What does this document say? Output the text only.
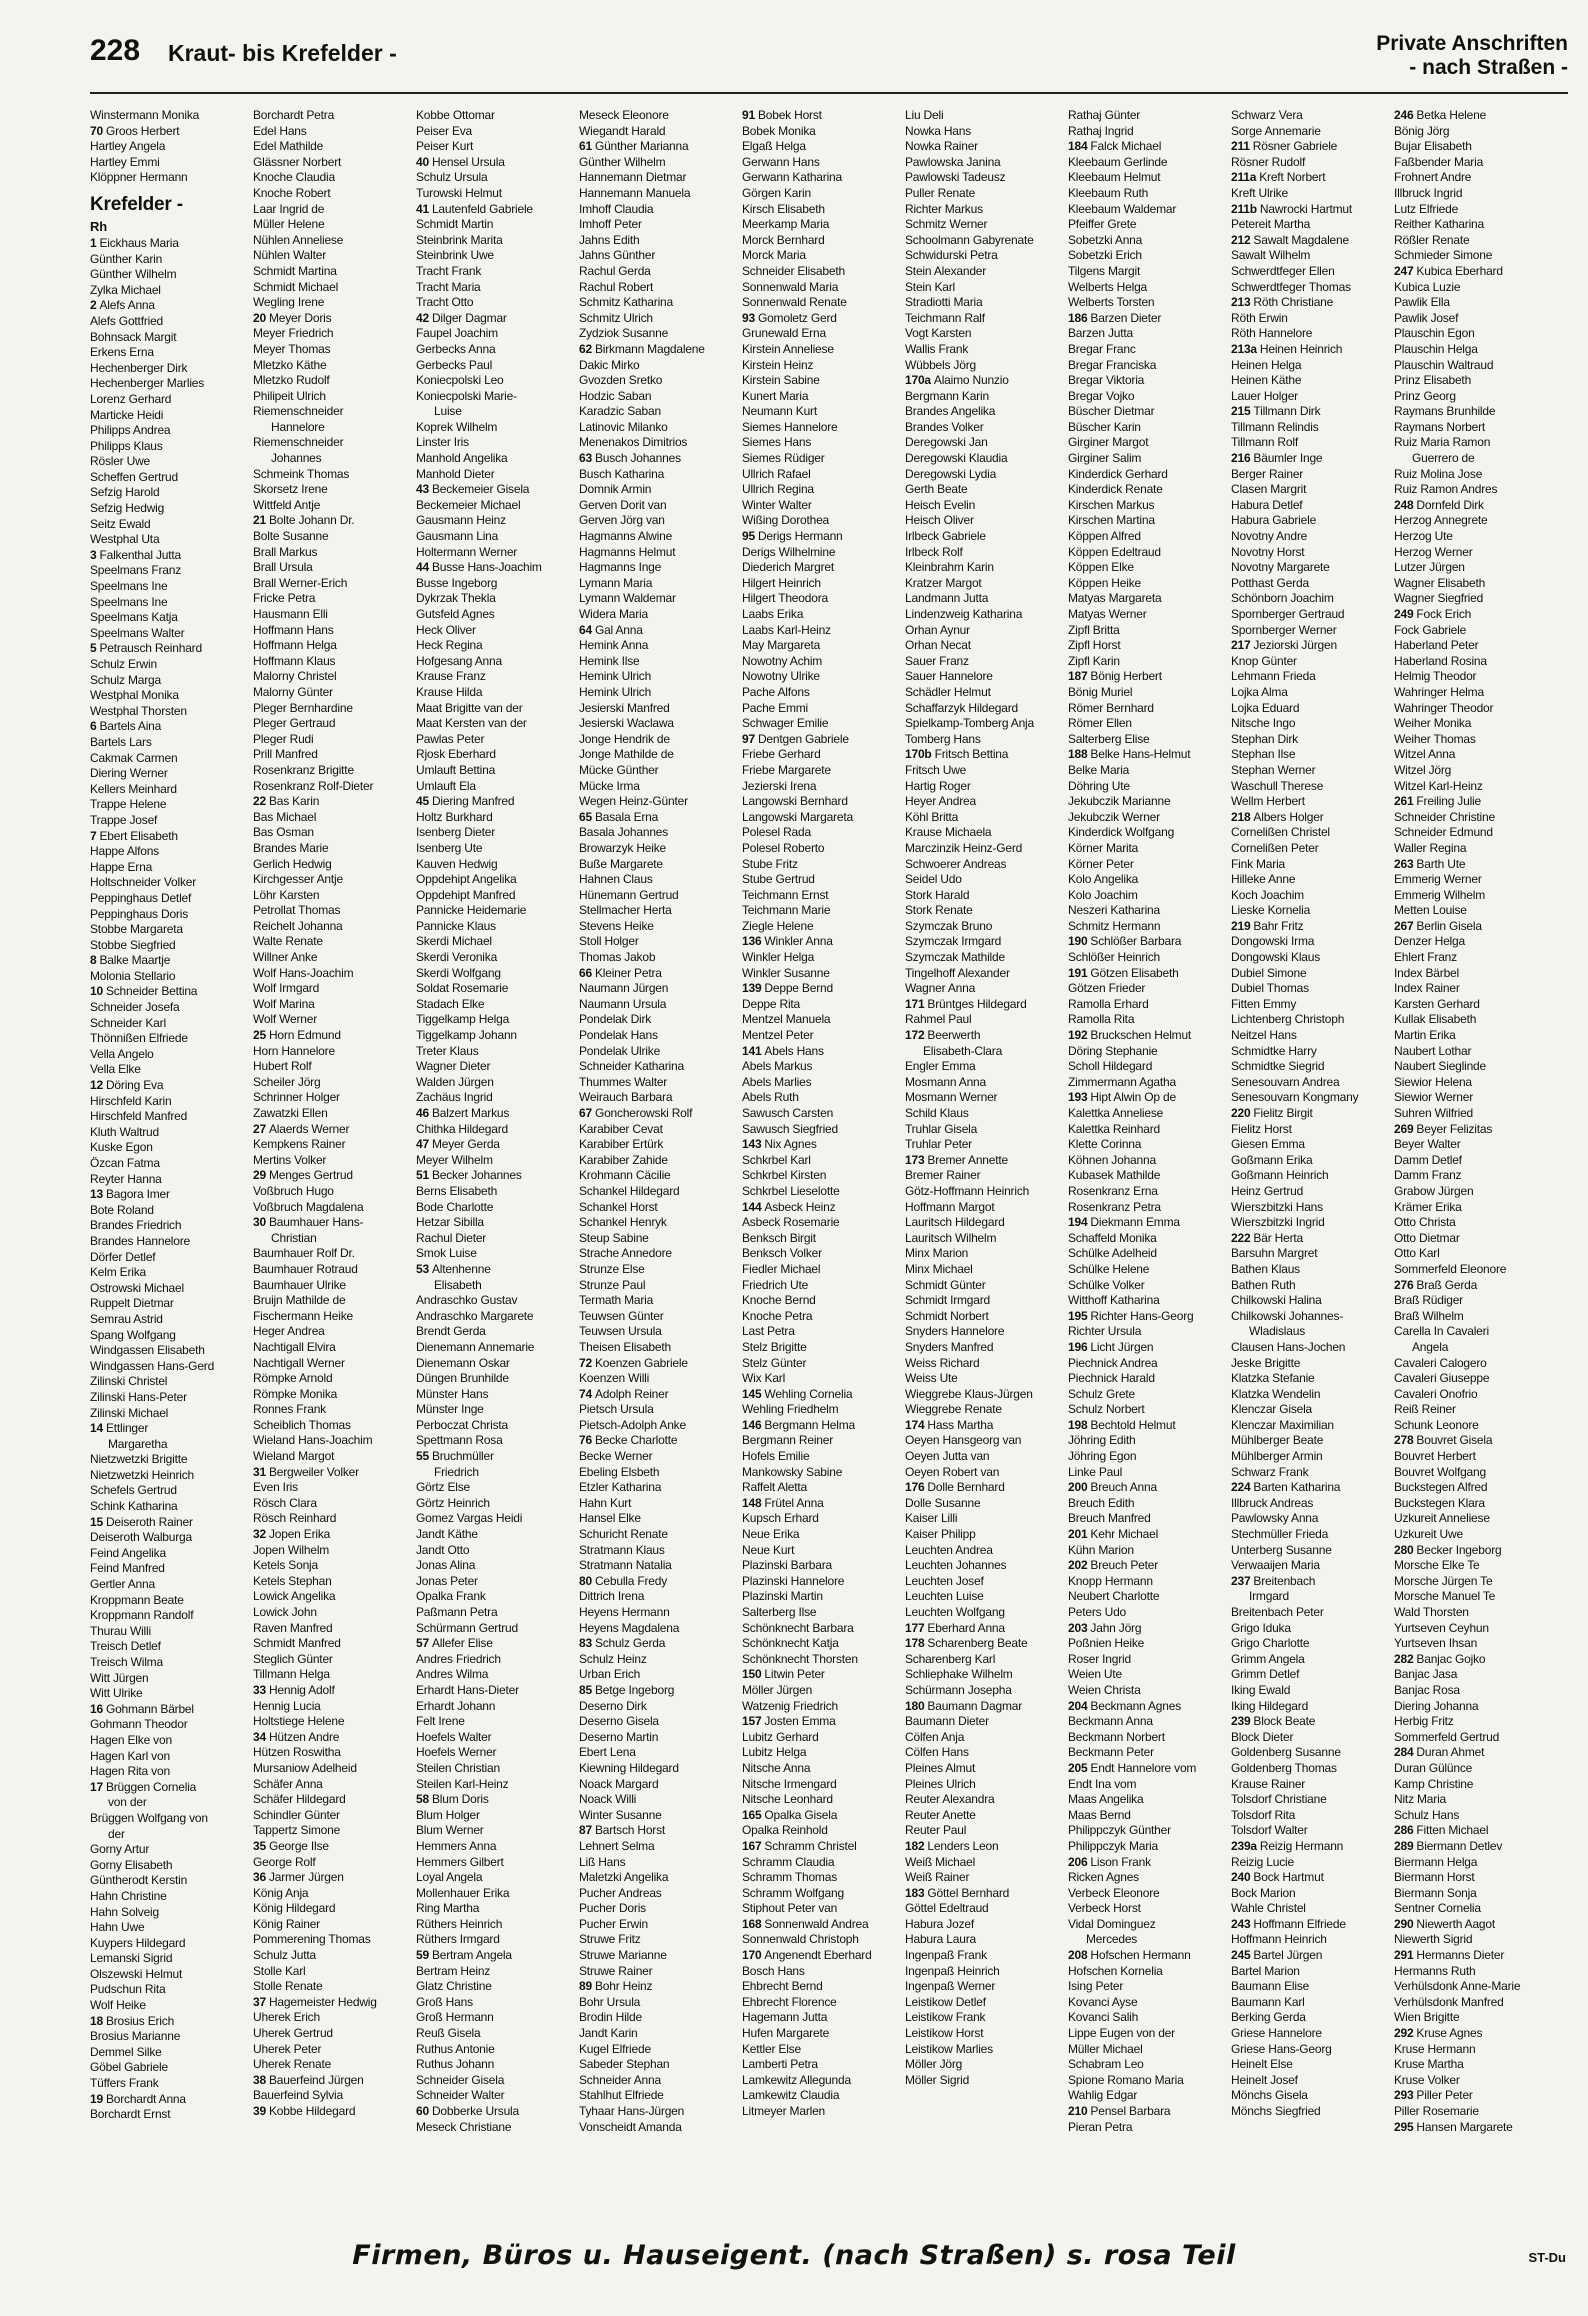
228 Kraut- bis Krefelder -	Private Anschriften
- nach Straßen -
Winstermann Monika
70 Groos Herbert
Hartley Angela
Hartley Emmi
Klöppner Hermann
Krefelder -
Rh
1 Eickhaus Maria
Günther Karin
Günther Wilhelm
Zylka Michael
2 Alefs Anna
Alefs Gottfried
Bohnsack Margit
Erkens Erna
Hechenberger Dirk
Hechenberger Marlies
Lorenz Gerhard
Marticke Heidi
Philipps Andrea
Philipps Klaus
Rösler Uwe
Scheffen Gertrud
Sefzig Harold
Sefzig Hedwig
Seitz Ewald
Westphal Uta
3 Falkenthal Jutta
Speelmans Franz
Speelmans Ine
Speelmans Ine
Speelmans Katja
Speelmans Walter
5 Petrausch Reinhard
Schulz Erwin
Schulz Marga
Westphal Monika
Westphal Thorsten
6 Bartels Aina
Bartels Lars
Cakmak Carmen
Diering Werner
Kellers Meinhard
Trappe Helene
Trappe Josef
7 Ebert Elisabeth
Happe Alfons
Happe Erna
Holtschneider Volker
Peppinghaus Detlef
Peppinghaus Doris
Stobbe Margareta
Stobbe Siegfried
8 Balke Maartje
Molonia Stellario
10 Schneider Bettina
Schneider Josefa
Schneider Karl
Thönnißen Elfriede
Vella Angelo
Vella Elke
12 Döring Eva
Hirschfeld Karin
Hirschfeld Manfred
Kluth Waltrud
Kuske Egon
Özcan Fatma
Reyter Hanna
13 Bagora Imer
Bote Roland
Brandes Friedrich
Brandes Hannelore
Dörfer Detlef
Kelm Erika
Ostrowski Michael
Ruppelt Dietmar
Semrau Astrid
Spang Wolfgang
Windgassen Elisabeth
Windgassen Hans-Gerd
Zilinski Christel
Zilinski Hans-Peter
Zilinski Michael
14 Ettlinger
Margaretha
Nietzwetzki Brigitte
Nietzwetzki Heinrich
Schefels Gertrud
Schink Katharina
15 Deiseroth Rainer
Deiseroth Walburga
Feind Angelika
Feind Manfred
Gertler Anna
Kroppmann Beate
Kroppmann Randolf
Thurau Willi
Treisch Detlef
Treisch Wilma
Witt Jürgen
Witt Ulrike
16 Gohmann Bärbel
Gohmann Theodor
Hagen Elke von
Hagen Karl von
Hagen Rita von
17 Brüggen Cornelia
von der
Brüggen Wolfgang von
der
Gorny Artur
Gorny Elisabeth
Güntherodt Kerstin
Hahn Christine
Hahn Solveig
Hahn Uwe
Kuypers Hildegard
Lemanski Sigrid
Olszewski Helmut
Pudschun Rita
Wolf Heike
18 Brosius Erich
Brosius Marianne
Demmel Silke
Göbel Gabriele
Tüffers Frank
19 Borchardt Anna
Borchardt Ernst
Borchardt Petra
Edel Hans
Edel Mathilde
Glässner Norbert
Knoche Claudia
Knoche Robert
Laar Ingrid de
Müller Helene
Nühlen Anneliese
Nühlen Walter
Schmidt Martina
Schmidt Michael
Wegling Irene
20 Meyer Doris
Meyer Friedrich
Meyer Thomas
Mletzko Käthe
Mletzko Rudolf
Philipeit Ulrich
Riemenschneider
Hannelore
Riemenschneider
Johannes
Schmeink Thomas
Skorsetz Irene
Wittfeld Antje
21 Bolte Johann Dr.
Bolte Susanne
Brall Markus
Brall Ursula
Brall Werner-Erich
Fricke Petra
Hausmann Elli
Hoffmann Hans
Hoffmann Helga
Hoffmann Klaus
Malorny Christel
Malorny Günter
Pleger Bernhardine
Pleger Gertraud
Pleger Rudi
Prill Manfred
Rosenkranz Brigitte
Rosenkranz Rolf-Dieter
22 Bas Karin
Bas Michael
Bas Osman
Brandes Marie
Gerlich Hedwig
Kirchgesser Antje
Löhr Karsten
Petrollat Thomas
Reichelt Johanna
Walte Renate
Willner Anke
Wolf Hans-Joachim
Wolf Irmgard
Wolf Marina
Wolf Werner
25 Horn Edmund
Horn Hannelore
Hubert Rolf
Scheiler Jörg
Schrinner Holger
Zawatzki Ellen
27 Alaerds Werner
Kempkens Rainer
Mertins Volker
29 Menges Gertrud
Voßbruch Hugo
Voßbruch Magdalena
30 Baumhauer Hans-
Christian
Baumhauer Rolf Dr.
Baumhauer Rotraud
Baumhauer Ulrike
Bruijn Mathilde de
Fischermann Heike
Heger Andrea
Nachtigall Elvira
Nachtigall Werner
Römpke Arnold
Römpke Monika
Ronnes Frank
Scheiblich Thomas
Wieland Hans-Joachim
Wieland Margot
31 Bergweiler Volker
Even Iris
Rösch Clara
Rösch Reinhard
32 Jopen Erika
Jopen Wilhelm
Ketels Sonja
Ketels Stephan
Lowick Angelika
Lowick John
Raven Manfred
Schmidt Manfred
Steglich Günter
Tillmann Helga
33 Hennig Adolf
Hennig Lucia
Holtstiege Helene
34 Hützen Andre
Hützen Roswitha
Mursaniow Adelheid
Schäfer Anna
Schäfer Hildegard
Schindler Günter
Tappertz Simone
35 George Ilse
George Rolf
36 Jarmer Jürgen
König Anja
König Hildegard
König Rainer
Pommerening Thomas
Schulz Jutta
Stolle Karl
Stolle Renate
37 Hagemeister Hedwig
Uherek Erich
Uherek Gertrud
Uherek Peter
Uherek Renate
38 Bauerfeind Jürgen
Bauerfeind Sylvia
39 Kobbe Hildegard
Kobbe Ottomar
Peiser Eva
Peiser Kurt
40 Hensel Ursula
Schulz Ursula
Turowski Helmut
41 Lautenfeld Gabriele
Schmidt Martin
Steinbrink Marita
Steinbrink Uwe
Tracht Frank
Tracht Maria
Tracht Otto
42 Dilger Dagmar
Faupel Joachim
Gerbecks Anna
Gerbecks Paul
Koniecpolski Leo
Koniecpolski Marie-
Luise
Koprek Wilhelm
Linster Iris
Manhold Angelika
Manhold Dieter
43 Beckemeier Gisela
Beckemeier Michael
Gausmann Heinz
Gausmann Lina
Holtermann Werner
44 Busse Hans-Joachim
Busse Ingeborg
Dykrzak Thekla
Gutsfeld Agnes
Heck Oliver
Heck Regina
Hofgesang Anna
Krause Franz
Krause Hilda
Maat Brigitte van der
Maat Kersten van der
Pawlas Peter
Rjosk Eberhard
Umlauft Bettina
Umlauft Ela
45 Diering Manfred
Holtz Burkhard
Isenberg Dieter
Isenberg Ute
Kauven Hedwig
Oppdehipt Angelika
Oppdehipt Manfred
Pannicke Heidemarie
Pannicke Klaus
Skerdi Michael
Skerdi Veronika
Skerdi Wolfgang
Soldat Rosemarie
Stadach Elke
Tiggelkamp Helga
Tiggelkamp Johann
Treter Klaus
Wagner Dieter
Walden Jürgen
Zachäus Ingrid
46 Balzert Markus
Chithka Hildegard
47 Meyer Gerda
Meyer Wilhelm
51 Becker Johannes
Berns Elisabeth
Bode Charlotte
Hetzar Sibilla
Rachul Dieter
Smok Luise
53 Altenhenne
Elisabeth
Andraschko Gustav
Andraschko Margarete
Brendt Gerda
Dienemann Annemarie
Dienemann Oskar
Düngen Brunhilde
Münster Hans
Münster Inge
Perboczat Christa
Spettmann Rosa
55 Bruchmüller
Friedrich
Görtz Else
Görtz Heinrich
Gomez Vargas Heidi
Jandt Käthe
Jandt Otto
Jonas Alina
Jonas Peter
Opalka Frank
Paßmann Petra
Schürmann Gertrud
57 Allefer Elise
Andres Friedrich
Andres Wilma
Erhardt Hans-Dieter
Erhardt Johann
Felt Irene
Hoefels Walter
Hoefels Werner
Steilen Christian
Steilen Karl-Heinz
58 Blum Doris
Blum Holger
Blum Werner
Hemmers Anna
Hemmers Gilbert
Loyal Angela
Mollenhauer Erika
Ring Martha
Rüthers Heinrich
Rüthers Irmgard
59 Bertram Angela
Bertram Heinz
Glatz Christine
Groß Hans
Groß Hermann
Reuß Gisela
Ruthus Antonie
Ruthus Johann
Schneider Gisela
Schneider Walter
60 Dobberke Ursula
Meseck Christiane
Meseck Eleonore
Wiegandt Harald
61 Günther Marianna
Günther Wilhelm
Hannemann Dietmar
Hannemann Manuela
Imhoff Claudia
Imhoff Peter
Jahns Edith
Jahns Günther
Rachul Gerda
Rachul Robert
Schmitz Katharina
Schmitz Ulrich
Zydziok Susanne
62 Birkmann Magdalene
Dakic Mirko
Gvozden Sretko
Hodzic Saban
Karadzic Saban
Latinovic Milanko
Menenakos Dimitrios
63 Busch Johannes
Busch Katharina
Domnik Armin
Gerven Dorit van
Gerven Jörg van
Hagmanns Alwine
Hagmanns Helmut
Hagmanns Inge
Lymann Maria
Lymann Waldemar
Widera Maria
64 Gal Anna
Hemink Anna
Hemink Ilse
Hemink Ulrich
Hemink Ulrich
Jesierski Manfred
Jesierski Waclawa
Jonge Hendrik de
Jonge Mathilde de
Mücke Günther
Mücke Irma
Wegen Heinz-Günter
65 Basala Erna
Basala Johannes
Browarzyk Heike
Buße Margarete
Hahnen Claus
Hünemann Gertrud
Stellmacher Herta
Stevens Heike
Stoll Holger
Thomas Jakob
66 Kleiner Petra
Naumann Jürgen
Naumann Ursula
Pondelak Dirk
Pondelak Hans
Pondelak Ulrike
Schneider Katharina
Thummes Walter
Weirauch Barbara
67 Goncherowski Rolf
Karabiber Cevat
Karabiber Ertürk
Karabiber Zahide
Krohmann Cäcilie
Schankel Hildegard
Schankel Horst
Schankel Henryk
Steup Sabine
Strache Annedore
Strunze Else
Strunze Paul
Termath Maria
Teuwsen Günter
Teuwsen Ursula
Theisen Elisabeth
72 Koenzen Gabriele
Koenzen Willi
74 Adolph Reiner
Pietsch Ursula
Pietsch-Adolph Anke
76 Becke Charlotte
Becke Werner
Ebeling Elsbeth
Etzler Katharina
Hahn Kurt
Hansel Elke
Schuricht Renate
Stratmann Klaus
Stratmann Natalia
80 Cebulla Fredy
Dittrich Irena
Heyens Hermann
Heyens Magdalena
83 Schulz Gerda
Schulz Heinz
Urban Erich
85 Betge Ingeborg
Deserno Dirk
Deserno Gisela
Deserno Martin
Ebert Lena
Kiewning Hildegard
Noack Margard
Noack Willi
Winter Susanne
87 Bartsch Horst
Lehnert Selma
Liß Hans
Maletzki Angelika
Pucher Andreas
Pucher Doris
Pucher Erwin
Struwe Fritz
Struwe Marianne
Struwe Rainer
89 Bohr Heinz
Bohr Ursula
Brodin Hilde
Jandt Karin
Kugel Elfriede
Sabeder Stephan
Schneider Anna
Stahlhut Elfriede
Tyhaar Hans-Jürgen
Vonscheidt Amanda
91 Bobek Horst
Bobek Monika
Elgaß Helga
Gerwann Hans
Gerwann Katharina
Görgen Karin
Kirsch Elisabeth
Meerkamp Maria
Morck Bernhard
Morck Maria
Schneider Elisabeth
Sonnenwald Maria
Sonnenwald Renate
93 Gomoletz Gerd
Grunewald Erna
Kirstein Anneliese
Kirstein Heinz
Kirstein Sabine
Kunert Maria
Neumann Kurt
Siemes Hannelore
Siemes Hans
Siemes Rüdiger
Ullrich Rafael
Ullrich Regina
Winter Walter
Wißing Dorothea
95 Derigs Hermann
Derigs Wilhelmine
Diederich Margret
Hilgert Heinrich
Hilgert Theodora
Laabs Erika
Laabs Karl-Heinz
May Margareta
Nowotny Achim
Nowotny Ulrike
Pache Alfons
Pache Emmi
Schwager Emilie
97 Dentgen Gabriele
Friebe Gerhard
Friebe Margarete
Jezierski Irena
Langowski Bernhard
Langowski Margareta
Polesel Rada
Polesel Roberto
Stube Fritz
Stube Gertrud
Teichmann Ernst
Teichmann Marie
Ziegle Helene
136 Winkler Anna
Winkler Helga
Winkler Susanne
139 Deppe Bernd
Deppe Rita
Mentzel Manuela
Mentzel Peter
141 Abels Hans
Abels Markus
Abels Marlies
Abels Ruth
Sawusch Carsten
Sawusch Siegfried
143 Nix Agnes
Schkrbel Karl
Schkrbel Kirsten
Schkrbel Lieselotte
144 Asbeck Heinz
Asbeck Rosemarie
Benksch Birgit
Benksch Volker
Fiedler Michael
Friedrich Ute
Knoche Bernd
Knoche Petra
Last Petra
Stelz Brigitte
Stelz Günter
Wix Karl
145 Wehling Cornelia
Wehling Friedhelm
146 Bergmann Helma
Bergmann Reiner
Hofels Emilie
Mankowsky Sabine
Raffelt Aletta
148 Frütel Anna
Kupsch Erhard
Neue Erika
Neue Kurt
Plazinski Barbara
Plazinski Hannelore
Plazinski Martin
Salterberg Ilse
Schönknecht Barbara
Schönknecht Katja
Schönknecht Thorsten
150 Litwin Peter
Möller Jürgen
Watzenig Friedrich
157 Josten Emma
Lubitz Gerhard
Lubitz Helga
Nitsche Anna
Nitsche Irmengard
Nitsche Leonhard
165 Opalka Gisela
Opalka Reinhold
167 Schramm Christel
Schramm Claudia
Schramm Thomas
Schramm Wolfgang
Stiphout Peter van
168 Sonnenwald Andrea
Sonnenwald Christoph
170 Angenendt Eberhard
Bosch Hans
Ehbrecht Bernd
Ehbrecht Florence
Hagemann Jutta
Hufen Margarete
Kettler Else
Lamberti Petra
Lamkewitz Allegunda
Lamkewitz Claudia
Litmeyer Marlen
Liu Deli
Nowka Hans
Nowka Rainer
Pawlowska Janina
Pawlowski Tadeusz
Puller Renate
Richter Markus
Schmitz Werner
Schoolmann Gabyrenate
Schwidurski Petra
Stein Alexander
Stein Karl
Stradiotti Maria
Teichmann Ralf
Vogt Karsten
Wallis Frank
Wübbels Jörg
170a Alaimo Nunzio
Bergmann Karin
Brandes Angelika
Brandes Volker
Deregowski Jan
Deregowski Klaudia
Deregowski Lydia
Gerth Beate
Heisch Evelin
Heisch Oliver
Irlbeck Gabriele
Irlbeck Rolf
Kleinbrahm Karin
Kratzer Margot
Landmann Jutta
Lindenzweig Katharina
Orhan Aynur
Orhan Necat
Sauer Franz
Sauer Hannelore
Schädler Helmut
Schaffarzyk Hildegard
Spielkamp-Tomberg Anja
Tomberg Hans
170b Fritsch Bettina
Fritsch Uwe
Hartig Roger
Heyer Andrea
Köhl Britta
Krause Michaela
Marczinzik Heinz-Gerd
Schwoerer Andreas
Seidel Udo
Stork Harald
Stork Renate
Szymczak Bruno
Szymczak Irmgard
Szymczak Mathilde
Tingelhoff Alexander
Wagner Anna
171 Brüntges Hildegard
Rahmel Paul
172 Beerwerth
Elisabeth-Clara
Engler Emma
Mosmann Anna
Mosmann Werner
Schild Klaus
Truhlar Gisela
Truhlar Peter
173 Bremer Annette
Bremer Rainer
Götz-Hoffmann Heinrich
Hoffmann Margot
Lauritsch Hildegard
Lauritsch Wilhelm
Minx Marion
Minx Michael
Schmidt Günter
Schmidt Irmgard
Schmidt Norbert
Snyders Hannelore
Snyders Manfred
Weiss Richard
Weiss Ute
Wieggrebe Klaus-Jürgen
Wieggrebe Renate
174 Hass Martha
Oeyen Hansgeorg van
Oeyen Jutta van
Oeyen Robert van
176 Dolle Bernhard
Dolle Susanne
Kaiser Lilli
Kaiser Philipp
Leuchten Andrea
Leuchten Johannes
Leuchten Josef
Leuchten Luise
Leuchten Wolfgang
177 Eberhard Anna
178 Scharenberg Beate
Scharenberg Karl
Schliephake Wilhelm
Schürmann Josepha
180 Baumann Dagmar
Baumann Dieter
Cölfen Anja
Cölfen Hans
Pleines Almut
Pleines Ulrich
Reuter Alexandra
Reuter Anette
Reuter Paul
182 Lenders Leon
Weiß Michael
Weiß Rainer
183 Göttel Bernhard
Göttel Edeltraud
Habura Jozef
Habura Laura
Ingenpaß Frank
Ingenpaß Heinrich
Ingenpaß Werner
Leistikow Detlef
Leistikow Frank
Leistikow Horst
Leistikow Marlies
Möller Jörg
Möller Sigrid
Rathaj Günter
Rathaj Ingrid
184 Falck Michael
Kleebaum Gerlinde
Kleebaum Helmut
Kleebaum Ruth
Kleebaum Waldemar
Pfeiffer Grete
Sobetzki Anna
Sobetzki Erich
Tilgens Margit
Welberts Helga
Welberts Torsten
186 Barzen Dieter
Barzen Jutta
Bregar Franc
Bregar Franciska
Bregar Viktoria
Bregar Vojko
Büscher Dietmar
Büscher Karin
Girginer Margot
Girginer Salim
Kinderdick Gerhard
Kinderdick Renate
Kirschen Markus
Kirschen Martina
Köppen Alfred
Köppen Edeltraud
Köppen Elke
Köppen Heike
Matyas Margareta
Matyas Werner
Zipfl Britta
Zipfl Horst
Zipfl Karin
187 Bönig Herbert
Bönig Muriel
Römer Bernhard
Römer Ellen
Salterberg Elise
188 Belke Hans-Helmut
Belke Maria
Döhring Ute
Jekubczik Marianne
Jekubczik Werner
Kinderdick Wolfgang
Körner Marita
Körner Peter
Kolo Angelika
Kolo Joachim
Neszeri Katharina
Schmitz Hermann
190 Schlößer Barbara
Schlößer Heinrich
191 Götzen Elisabeth
Götzen Frieder
Ramolla Erhard
Ramolla Rita
192 Bruckschen Helmut
Döring Stephanie
Scholl Hildegard
Zimmermann Agatha
193 Hipt Alwin Op de
Kalettka Anneliese
Kalettka Reinhard
Klette Corinna
Köhnen Johanna
Kubasek Mathilde
Rosenkranz Erna
Rosenkranz Petra
194 Diekmann Emma
Schaffeld Monika
Schülke Adelheid
Schülke Helene
Schülke Volker
Witthoff Katharina
195 Richter Hans-Georg
Richter Ursula
196 Licht Jürgen
Piechnick Andrea
Piechnick Harald
Schulz Grete
Schulz Norbert
198 Bechtold Helmut
Jöhring Edith
Jöhring Egon
Linke Paul
200 Breuch Anna
Breuch Edith
Breuch Manfred
201 Kehr Michael
Kühn Marion
202 Breuch Peter
Knopp Hermann
Neubert Charlotte
Peters Udo
203 Jahn Jörg
Poßnien Heike
Roser Ingrid
Weien Ute
Weien Christa
204 Beckmann Agnes
Beckmann Anna
Beckmann Norbert
Beckmann Peter
205 Endt Hannelore vom
Endt Ina vom
Maas Angelika
Maas Bernd
Philippczyk Günther
Philippczyk Maria
206 Lison Frank
Ricken Agnes
Verbeck Eleonore
Verbeck Horst
Vidal Dominguez
Mercedes
208 Hofschen Hermann
Hofschen Kornelia
Ising Peter
Kovanci Ayse
Kovanci Salih
Lippe Eugen von der
Müller Michael
Schabram Leo
Spione Romano Maria
Wahlig Edgar
210 Pensel Barbara
Pieran Petra
Schwarz Vera
Sorge Annemarie
211 Rösner Gabriele
Rösner Rudolf
211a Kreft Norbert
Kreft Ulrike
211b Nawrocki Hartmut
Petereit Martha
212 Sawalt Magdalene
Sawalt Wilhelm
Schwerdtfeger Ellen
Schwerdtfeger Thomas
213 Röth Christiane
Röth Erwin
Röth Hannelore
213a Heinen Heinrich
Heinen Helga
Heinen Käthe
Lauer Holger
215 Tillmann Dirk
Tillmann Relindis
Tillmann Rolf
216 Bäumler Inge
Berger Rainer
Clasen Margrit
Habura Detlef
Habura Gabriele
Novotny Andre
Novotny Horst
Novotny Margarete
Potthast Gerda
Schönborn Joachim
Spornberger Gertraud
Spornberger Werner
217 Jeziorski Jürgen
Knop Günter
Lehmann Frieda
Lojka Alma
Lojka Eduard
Nitsche Ingo
Stephan Dirk
Stephan Ilse
Stephan Werner
Waschull Therese
Wellm Herbert
218 Albers Holger
Cornelißen Christel
Cornelißen Peter
Fink Maria
Hilleke Anne
Koch Joachim
Lieske Kornelia
219 Bahr Fritz
Dongowski Irma
Dongowski Klaus
Dubiel Simone
Dubiel Thomas
Fitten Emmy
Lichtenberg Christoph
Neitzel Hans
Schmidtke Harry
Schmidtke Siegrid
Senesouvarn Andrea
Senesouvarn Kongmany
220 Fielitz Birgit
Fielitz Horst
Giesen Emma
Goßmann Erika
Goßmann Heinrich
Heinz Gertrud
Wierszbitzki Hans
Wierszbitzki Ingrid
222 Bär Herta
Barsuhn Margret
Bathen Klaus
Bathen Ruth
Chilkowski Halina
Chilkowski Johannes-
Wladislaus
Clausen Hans-Jochen
Jeske Brigitte
Klatzka Stefanie
Klatzka Wendelin
Klenczar Gisela
Klenczar Maximilian
Mühlberger Beate
Mühlberger Armin
Schwarz Frank
224 Barten Katharina
Illbruck Andreas
Pawlowsky Anna
Stechmüller Frieda
Unterberg Susanne
Verwaaijen Maria
237 Breitenbach
Irmgard
Breitenbach Peter
Grigo Iduka
Grigo Charlotte
Grimm Angela
Grimm Detlef
Iking Ewald
Iking Hildegard
239 Block Beate
Block Dieter
Goldenberg Susanne
Goldenberg Thomas
Krause Rainer
Tolsdorf Christiane
Tolsdorf Rita
Tolsdorf Walter
239a Reizig Hermann
Reizig Lucie
240 Bock Hartmut
Bock Marion
Wahle Christel
243 Hoffmann Elfriede
Hoffmann Heinrich
245 Bartel Jürgen
Bartel Marion
Baumann Elise
Baumann Karl
Berking Gerda
Griese Hannelore
Griese Hans-Georg
Heinelt Else
Heinelt Josef
Mönchs Gisela
Mönchs Siegfried
246 Betka Helene
Bönig Jörg
Bujar Elisabeth
Faßbender Maria
Frohnert Andre
Illbruck Ingrid
Lutz Elfriede
Reither Katharina
Rößler Renate
Schmieder Simone
247 Kubica Eberhard
Kubica Luzie
Pawlik Ella
Pawlik Josef
Plauschin Egon
Plauschin Helga
Plauschin Waltraud
Prinz Elisabeth
Prinz Georg
Raymans Brunhilde
Raymans Norbert
Ruiz Maria Ramon
Guerrero de
Ruiz Molina Jose
Ruiz Ramon Andres
248 Dornfeld Dirk
Herzog Annegrete
Herzog Ute
Herzog Werner
Lutzer Jürgen
Wagner Elisabeth
Wagner Siegfried
249 Fock Erich
Fock Gabriele
Haberland Peter
Haberland Rosina
Helmig Theodor
Wahringer Helma
Wahringer Theodor
Weiher Monika
Weiher Thomas
Witzel Anna
Witzel Jörg
Witzel Karl-Heinz
261 Freiling Julie
Schneider Christine
Schneider Edmund
Waller Regina
263 Barth Ute
Emmerig Werner
Emmerig Wilhelm
Metten Louise
267 Berlin Gisela
Denzer Helga
Ehlert Franz
Index Bärbel
Index Rainer
Karsten Gerhard
Kullak Elisabeth
Martin Erika
Naubert Lothar
Naubert Sieglinde
Siewior Helena
Siewior Werner
Suhren Wilfried
269 Beyer Felizitas
Beyer Walter
Damm Detlef
Damm Franz
Grabow Jürgen
Krämer Erika
Otto Christa
Otto Dietmar
Otto Karl
Sommerfeld Eleonore
276 Braß Gerda
Braß Rüdiger
Braß Wilhelm
Carella In Cavaleri
Angela
Cavaleri Calogero
Cavaleri Giuseppe
Cavaleri Onofrio
Reiß Reiner
Schunk Leonore
278 Bouvret Gisela
Bouvret Herbert
Bouvret Wolfgang
Buckstegen Alfred
Buckstegen Klara
Uzkureit Anneliese
Uzkureit Uwe
280 Becker Ingeborg
Morsche Elke Te
Morsche Jürgen Te
Morsche Manuel Te
Wald Thorsten
Yurtseven Ceyhun
Yurtseven Ihsan
282 Banjac Gojko
Banjac Jasa
Banjac Rosa
Diering Johanna
Herbig Fritz
Sommerfeld Gertrud
284 Duran Ahmet
Duran Gülünce
Kamp Christine
Nitz Maria
Schulz Hans
286 Fitten Michael
289 Biermann Detlev
Biermann Helga
Biermann Horst
Biermann Sonja
Sentner Cornelia
290 Niewerth Aagot
Niewerth Sigrid
291 Hermanns Dieter
Hermanns Ruth
Verhülsdonk Anne-Marie
Verhülsdonk Manfred
Wien Brigitte
292 Kruse Agnes
Kruse Hermann
Kruse Martha
Kruse Volker
293 Piller Peter
Piller Rosemarie
295 Hansen Margarete
Firmen, Büros u. Hauseigent. (nach Straßen) s. rosa Teil	ST-Du
